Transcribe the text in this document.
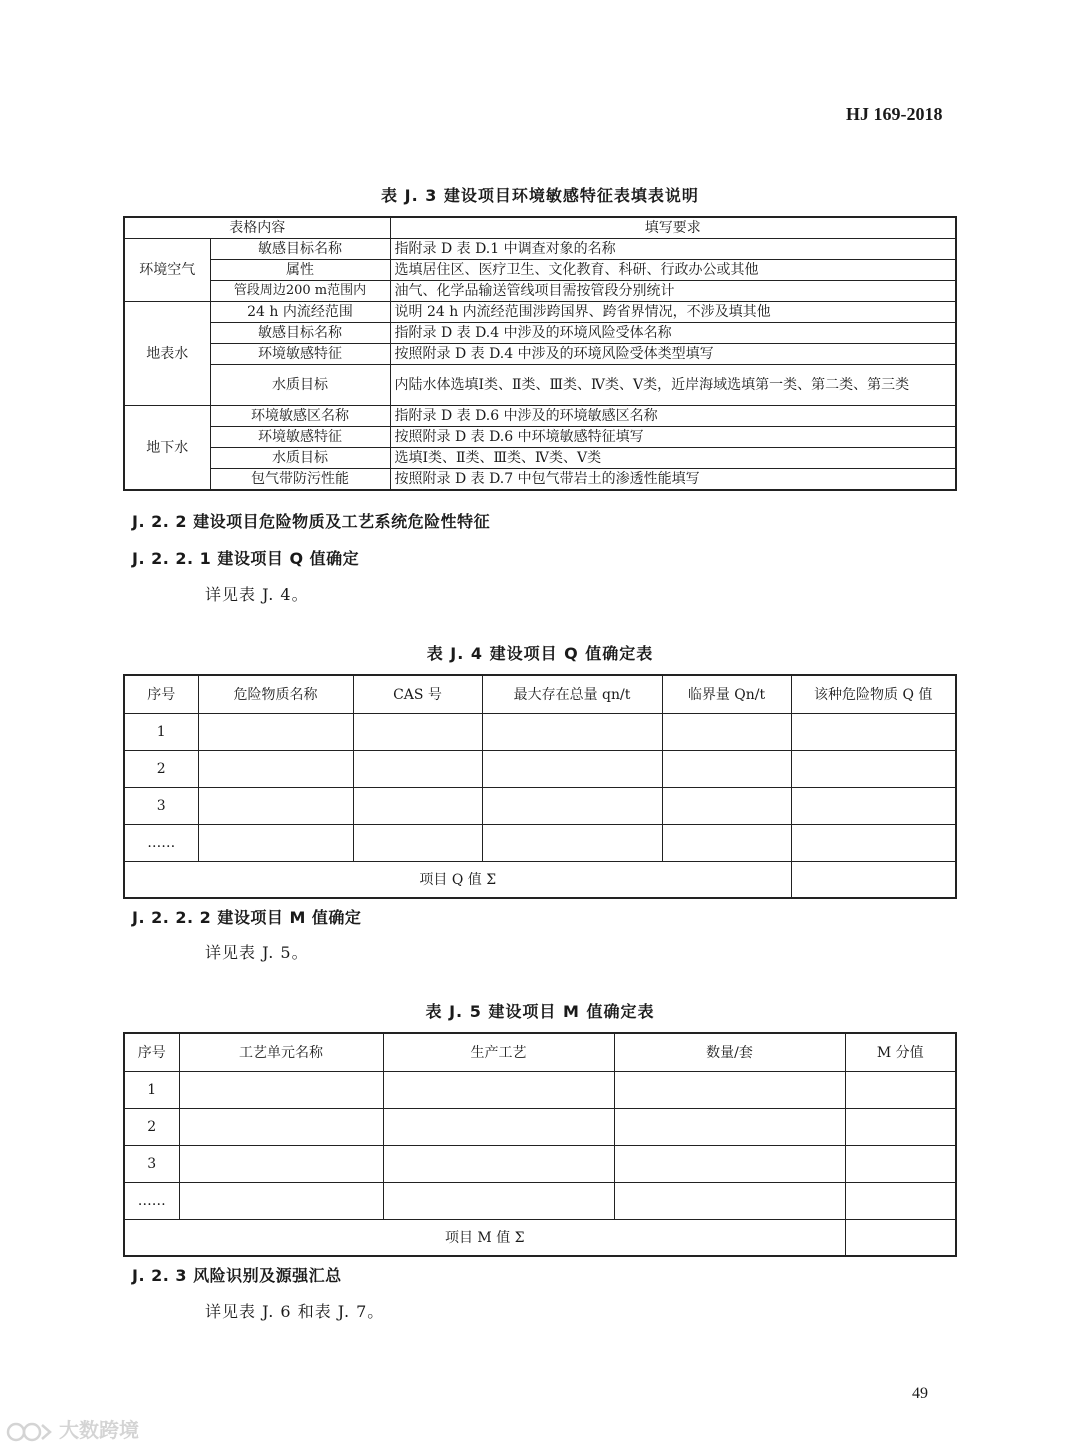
HJ 169-2018
表 J. 3 建设项目环境敏感特征表填表说明
表格内容		填写要求
环境空气	敏感目标名称	指附录 D 表 D.1 中调查对象的名称
	属性	选填居住区、医疗卫生、文化教育、科研、行政办公或其他
	管段周边200 m范围内	油气、化学品输送管线项目需按管段分别统计
地表水	24 h 内流经范围	说明 24 h 内流经范围涉跨国界、跨省界情况，不涉及填其他
	敏感目标名称	指附录 D 表 D.4 中涉及的环境风险受体名称
	环境敏感特征	按照附录 D 表 D.4 中涉及的环境风险受体类型填写
	水质目标	内陆水体选填Ⅰ类、Ⅱ类、Ⅲ类、Ⅳ类、Ⅴ类，近岸海域选填第一类、第二类、第三类
地下水	环境敏感区名称	指附录 D 表 D.6 中涉及的环境敏感区名称
	环境敏感特征	按照附录 D 表 D.6 中环境敏感特征填写
	水质目标	选填Ⅰ类、Ⅱ类、Ⅲ类、Ⅳ类、Ⅴ类
	包气带防污性能	按照附录 D 表 D.7 中包气带岩土的渗透性能填写
J. 2. 2 建设项目危险物质及工艺系统危险性特征
J. 2. 2. 1 建设项目 Q 值确定
详见表 J. 4。
表 J. 4 建设项目 Q 值确定表
序号	危险物质名称	CAS 号	最大存在总量 qn/t	临界量 Qn/t	该种危险物质 Q 值
1					
2					
3					
……					
项目 Q 值 Σ					
J. 2. 2. 2 建设项目 M 值确定
详见表 J. 5。
表 J. 5 建设项目 M 值确定表
序号	工艺单元名称	生产工艺	数量/套	M 分值
1				
2				
3				
……				
项目 M 值 Σ				
J. 2. 3 风险识别及源强汇总
详见表 J. 6 和表 J. 7。
49
大数跨境
